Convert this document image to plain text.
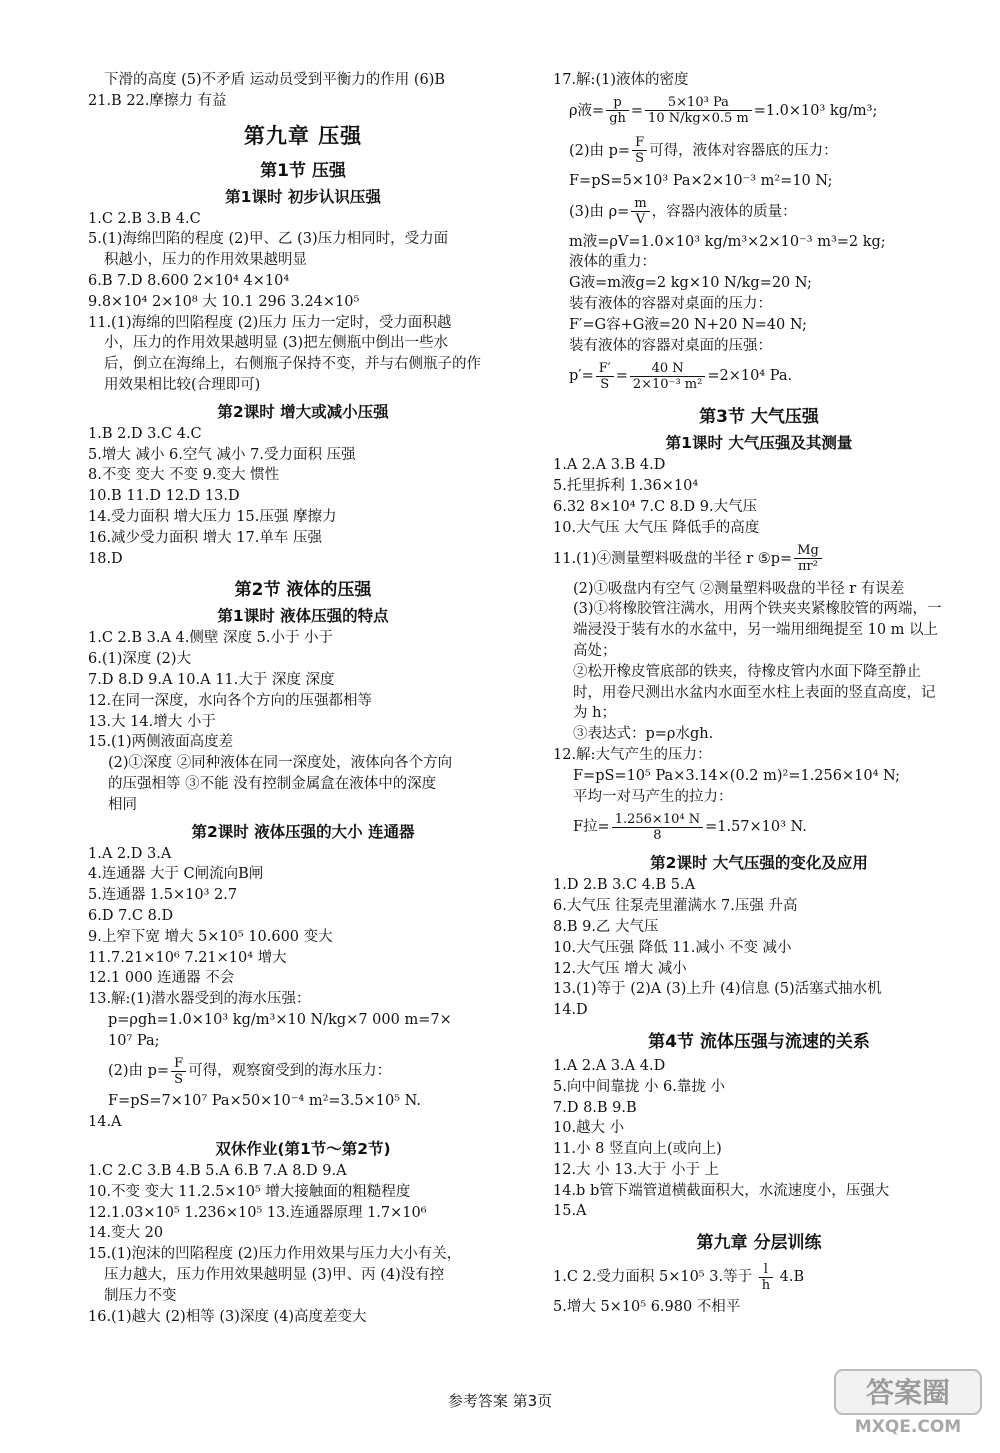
下滑的高度 (5)不矛盾 运动员受到平衡力的作用 (6)B
21.B 22.摩擦力 有益
第九章 压强
第1节 压强
第1课时 初步认识压强
1.C 2.B 3.B 4.C
5.(1)海绵凹陷的程度 (2)甲、乙 (3)压力相同时，受力面
积越小，压力的作用效果越明显
6.B 7.D 8.600 2×10⁴ 4×10⁴
9.8×10⁴ 2×10⁸ 大 10.1 296 3.24×10⁵
11.(1)海绵的凹陷程度 (2)压力 压力一定时，受力面积越
小，压力的作用效果越明显 (3)把左侧瓶中倒出一些水
后，倒立在海绵上，右侧瓶子保持不变，并与右侧瓶子的作
用效果相比较(合理即可)
第2课时 增大或减小压强
1.B 2.D 3.C 4.C
5.增大 减小 6.空气 减小 7.受力面积 压强
8.不变 变大 不变 9.变大 惯性
10.B 11.D 12.D 13.D
14.受力面积 增大压力 15.压强 摩擦力
16.减少受力面积 增大 17.单车 压强
18.D
第2节 液体的压强
第1课时 液体压强的特点
1.C 2.B 3.A 4.侧壁 深度 5.小于 小于
6.(1)深度 (2)大
7.D 8.D 9.A 10.A 11.大于 深度 深度
12.在同一深度，水向各个方向的压强都相等
13.大 14.增大 小于
15.(1)两侧液面高度差
(2)①深度 ②同种液体在同一深度处，液体向各个方向
的压强相等 ③不能 没有控制金属盒在液体中的深度
相同
第2课时 液体压强的大小 连通器
1.A 2.D 3.A
4.连通器 大于 C闸流向B闸
5.连通器 1.5×10³ 2.7
6.D 7.C 8.D
9.上窄下宽 增大 5×10⁵ 10.600 变大
11.7.21×10⁶ 7.21×10⁴ 增大
12.1 000 连通器 不会
13.解:(1)潜水器受到的海水压强：
p=ρgh=1.0×10³ kg/m³×10 N/kg×7 000 m=7×
10⁷ Pa;
(2)由 $p= \frac{F}{S}$ 可得，观察窗受到的海水压力：
F=pS=7×10⁷ Pa×50×10⁻⁴ m²=3.5×10⁵ N.
14.A
双休作业(第1节～第2节)
1.C 2.C 3.B 4.B 5.A 6.B 7.A 8.D 9.A
10.不变 变大 11.2.5×10⁵ 增大接触面的粗糙程度
12.1.03×10⁵ 1.236×10⁵ 13.连通器原理 1.7×10⁶
14.变大 20
15.(1)泡沫的凹陷程度 (2)压力作用效果与压力大小有关，
压力越大，压力作用效果越明显 (3)甲、丙 (4)没有控
制压力不变
16.(1)越大 (2)相等 (3)深度 (4)高度差变大
17.解:(1)液体的密度
ρ液= $\frac{p}{gh} = \frac{\text{5×10³ Pa}}{10 N/kg\times 0.5 m} =1.0\times 10^3$ kg/m³;
(2)由 $p= \frac{F}{S}$ 可得，液体对容器底的压力：
F=pS=5×10³ Pa×2×10⁻³ m²=10 N;
(3)由 $\rho= \frac{m}{V}$ ，容器内液体的质量：
m液=ρV=1.0×10³ kg/m³×2×10⁻³ m³=2 kg;
液体的重力：
G液=m液g=2 kg×10 N/kg=20 N;
装有液体的容器对桌面的压力：
F′=G容+G液=20 N+20 N=40 N;
装有液体的容器对桌面的压强：
$p'= \frac{F'}{S} = \frac{40 N}{\text{2×10⁻³ m²}} =2\times 10^4$ Pa.
第3节 大气压强
第1课时 大气压强及其测量
1.A 2.A 3.B 4.D
5.托里拆利 1.36×10⁴
6.32 8×10⁴ 7.C 8.D 9.大气压
10.大气压 大气压 降低手的高度
11.(1)④测量塑料吸盘的半径 r ⑤p= $\frac{Mg}{\text{πr²}}$
(2)①吸盘内有空气 ②测量塑料吸盘的半径 r 有误差
(3)①将橡胶管注满水，用两个铁夹夹紧橡胶管的两端，一
端浸没于装有水的水盆中，另一端用细绳提至 10 m 以上
高处；
②松开橡皮管底部的铁夹，待橡皮管内水面下降至静止
时，用卷尺测出水盆内水面至水柱上表面的竖直高度，记
为 h；
③表达式：p=ρ水gh.
12.解:大气产生的压力：
F=pS=10⁵ Pa×3.14×(0.2 m)²=1.256×10⁴ N;
平均一对马产生的拉力：
F拉= $\frac{\text{1.256×10⁴ N}}{8} =1.57\times 10^3$ N.
第2课时 大气压强的变化及应用
1.D 2.B 3.C 4.B 5.A
6.大气压 往泵壳里灌满水 7.压强 升高
8.B 9.乙 大气压
10.大气压强 降低 11.减小 不变 减小
12.大气压 增大 减小
13.(1)等于 (2)A (3)上升 (4)信息 (5)活塞式抽水机
14.D
第4节 流体压强与流速的关系
1.A 2.A 3.A 4.D
5.向中间靠拢 小 6.靠拢 小
7.D 8.B 9.B
10.越大 小
11.小 8 竖直向上(或向上)
12.大 小 13.大于 小于 上
14.b b管下端管道横截面积大，水流速度小，压强大
15.A
第九章 分层训练
1.C 2.受力面积 5×10⁵ 3.等于 $\frac{l}{h} 4.B$
5.增大 5×10⁵ 6.980 不相平
参考答案 第3页	答案圈
MXQE.COM
